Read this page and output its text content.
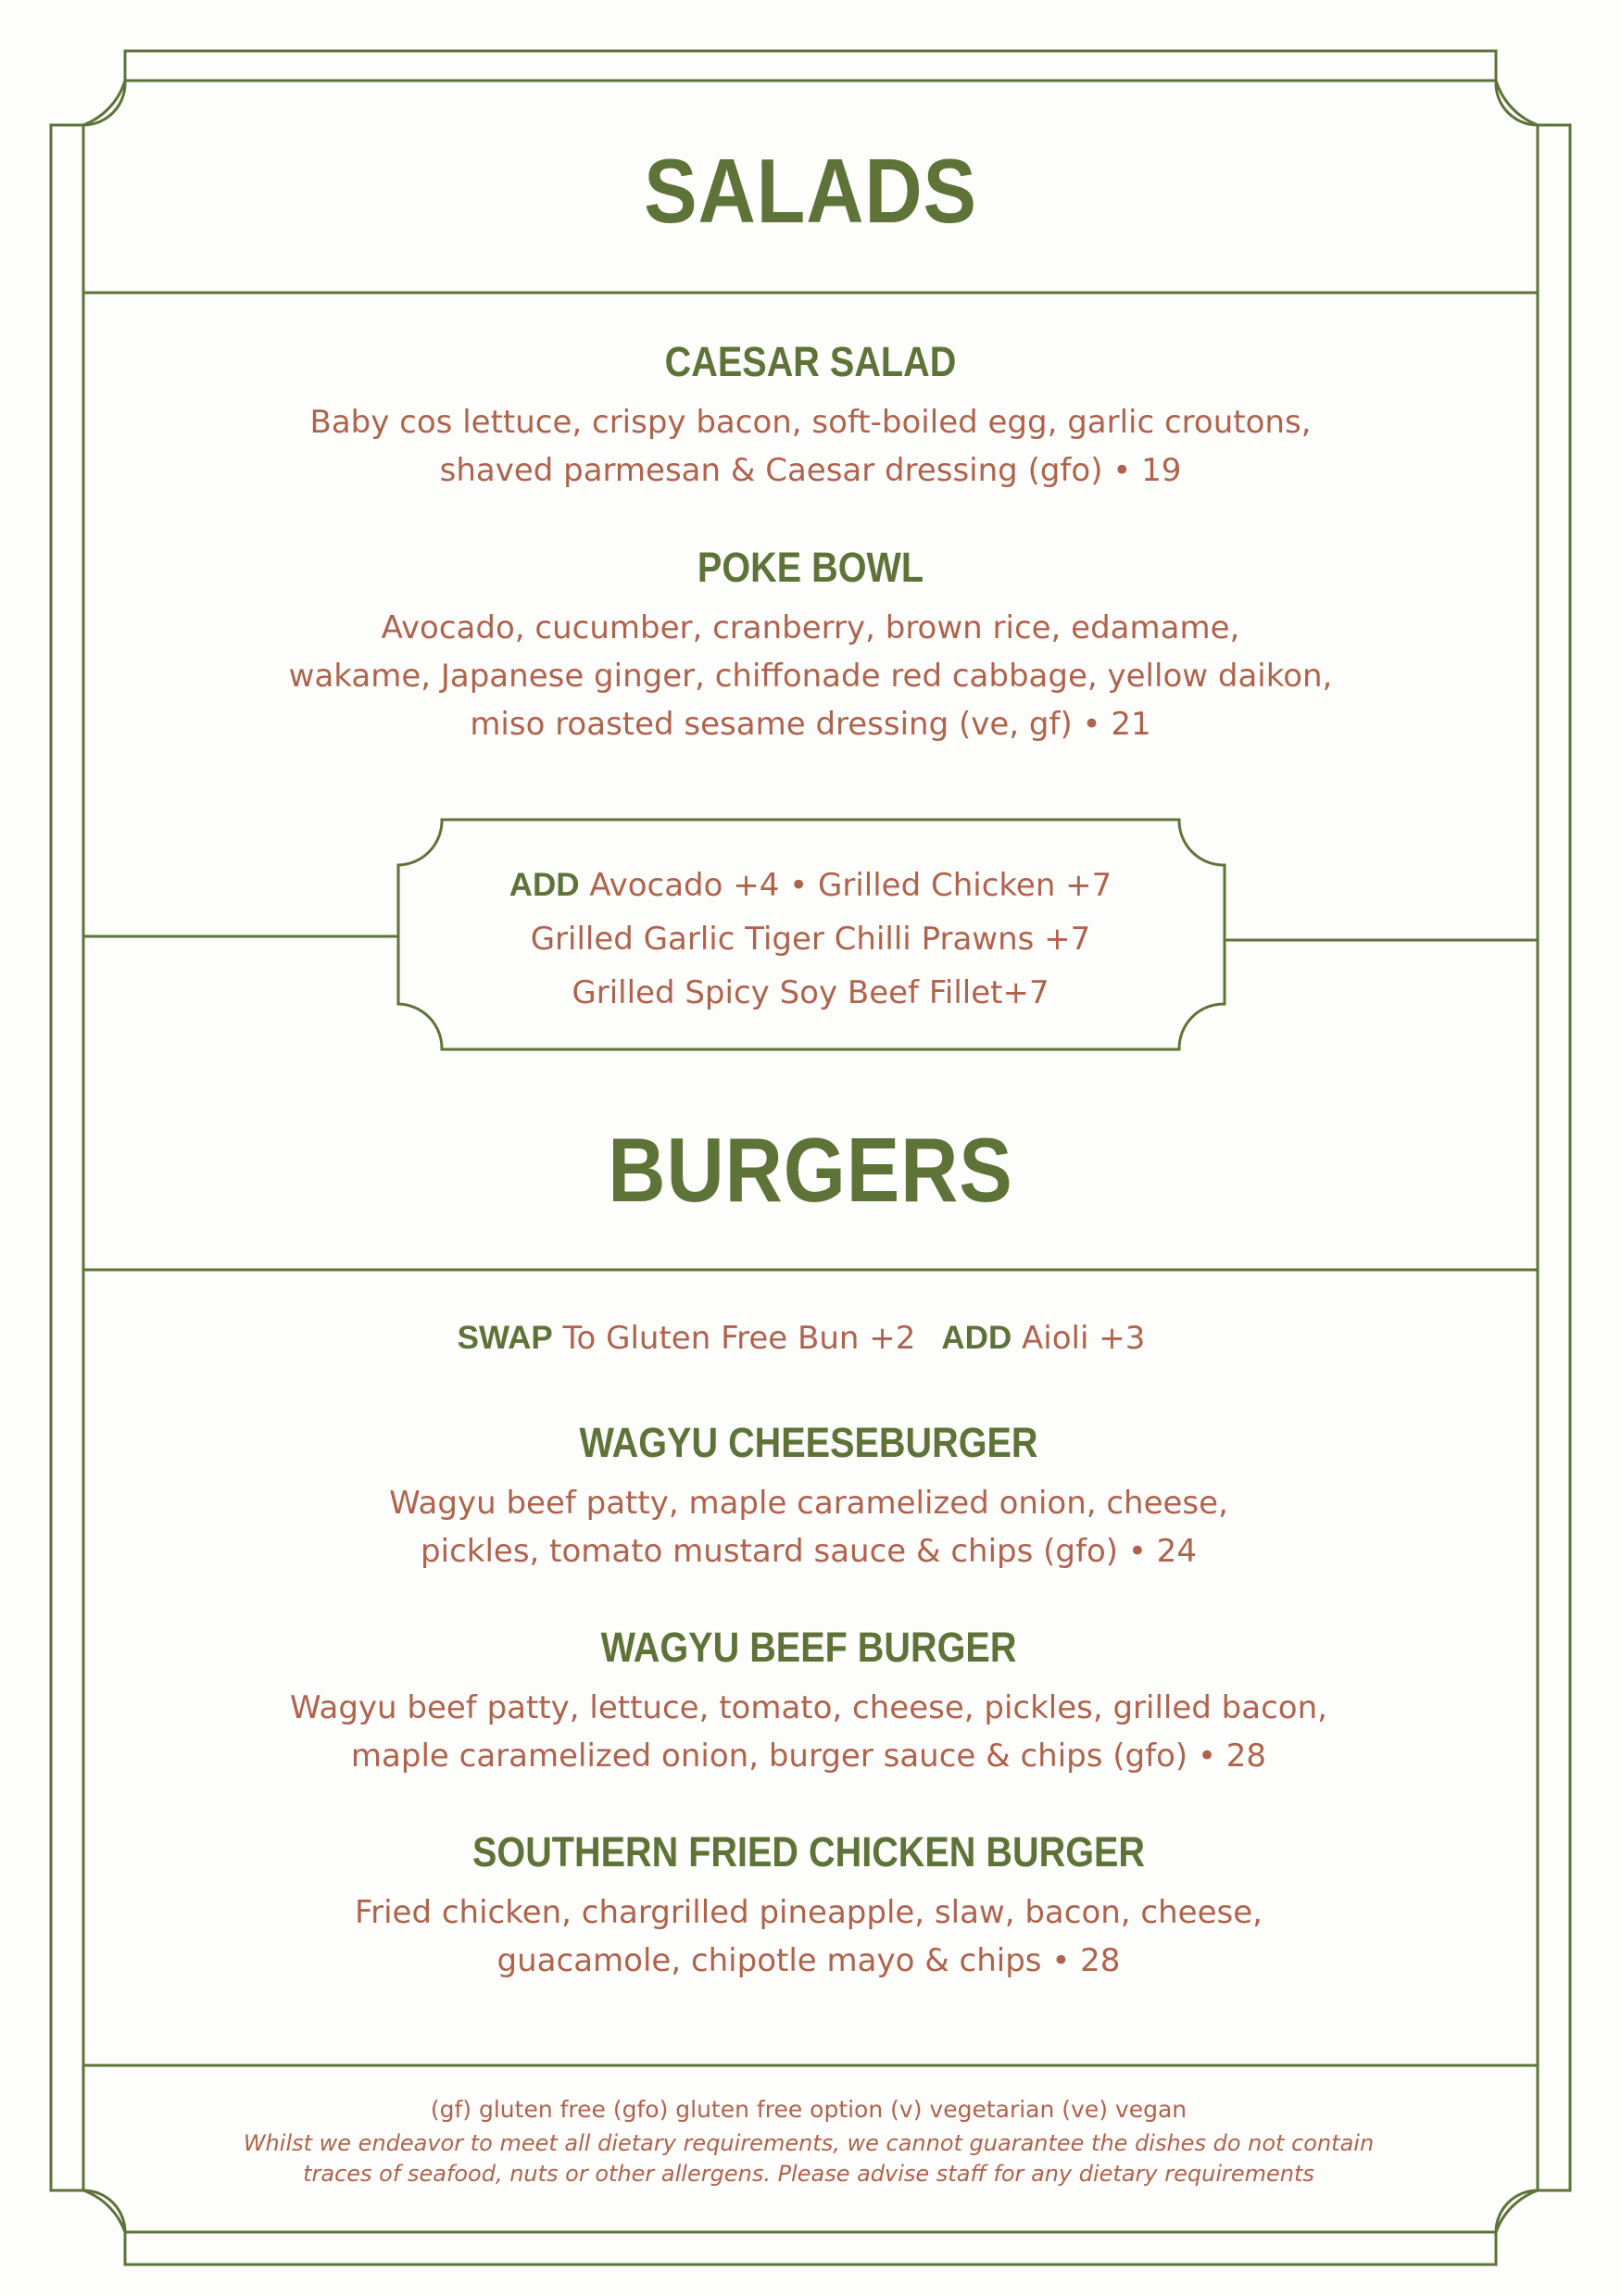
SALADS
CAESAR SALAD
Baby cos lettuce, crispy bacon, soft-boiled egg, garlic croutons,
shaved parmesan & Caesar dressing (gfo) • 19
POKE BOWL
Avocado, cucumber, cranberry, brown rice, edamame,
wakame, Japanese ginger, chiffonade red cabbage, yellow daikon,
miso roasted sesame dressing (ve, gf) • 21
ADD Avocado +4 • Grilled Chicken +7
Grilled Garlic Tiger Chilli Prawns +7
Grilled Spicy Soy Beef Fillet+7
BURGERS
SWAP To Gluten Free Bun +2 ADD Aioli +3
WAGYU CHEESEBURGER
Wagyu beef patty, maple caramelized onion, cheese,
pickles, tomato mustard sauce & chips (gfo) • 24
WAGYU BEEF BURGER
Wagyu beef patty, lettuce, tomato, cheese, pickles, grilled bacon,
maple caramelized onion, burger sauce & chips (gfo) • 28
SOUTHERN FRIED CHICKEN BURGER
Fried chicken, chargrilled pineapple, slaw, bacon, cheese,
guacamole, chipotle mayo & chips • 28
(gf) gluten free (gfo) gluten free option (v) vegetarian (ve) vegan
Whilst we endeavor to meet all dietary requirements, we cannot guarantee the dishes do not contain
traces of seafood, nuts or other allergens. Please advise staff for any dietary requirements
